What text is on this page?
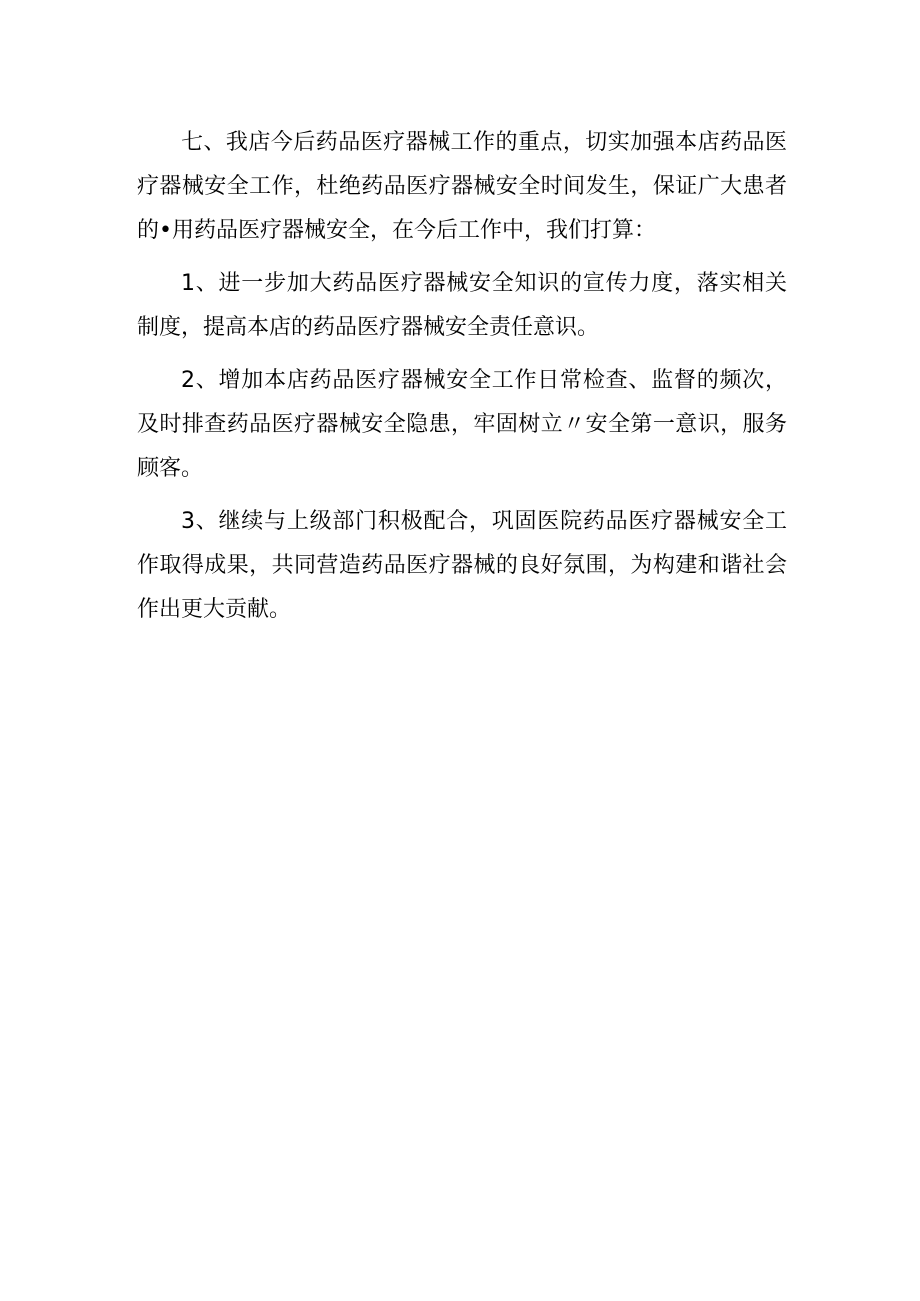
七、我店今后药品医疗器械工作的重点，切实加强本店药品医疗器械安全工作，杜绝药品医疗器械安全时间发生，保证广大患者的•用药品医疗器械安全，在今后工作中，我们打算：

1、进一步加大药品医疗器械安全知识的宣传力度，落实相关制度，提高本店的药品医疗器械安全责任意识。

2、增加本店药品医疗器械安全工作日常检查、监督的频次，及时排查药品医疗器械安全隐患，牢固树立〃安全第一意识，服务顾客。

3、继续与上级部门积极配合，巩固医院药品医疗器械安全工作取得成果，共同营造药品医疗器械的良好氛围，为构建和谐社会作出更大贡献。
